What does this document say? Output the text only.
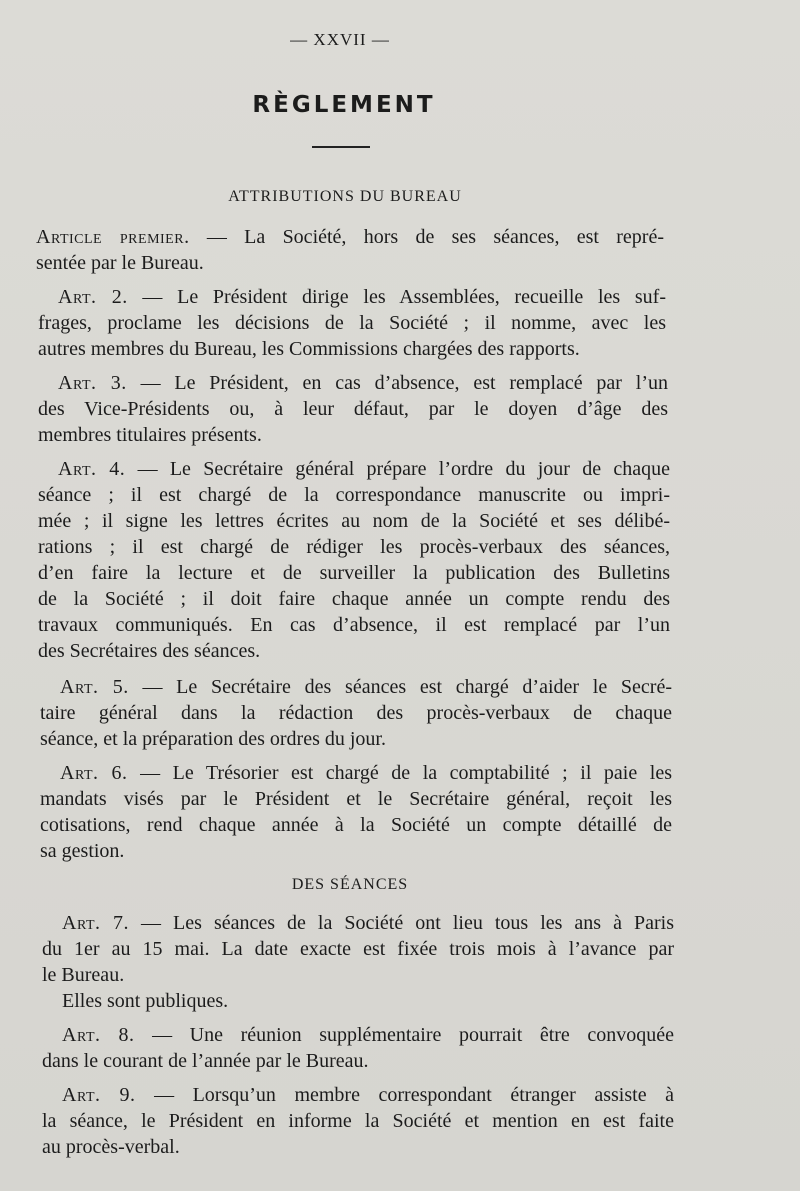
— XXVII —
RÈGLEMENT
ATTRIBUTIONS DU BUREAU
Article premier. — La Société, hors de ses séances, est repré-
sentée par le Bureau.
Art. 2. — Le Président dirige les Assemblées, recueille les suf-
frages, proclame les décisions de la Société ; il nomme, avec les
autres membres du Bureau, les Commissions chargées des rapports.
Art. 3. — Le Président, en cas d’absence, est remplacé par l’un
des Vice-Présidents ou, à leur défaut, par le doyen d’âge des
membres titulaires présents.
Art. 4. — Le Secrétaire général prépare l’ordre du jour de chaque
séance ; il est chargé de la correspondance manuscrite ou impri-
mée ; il signe les lettres écrites au nom de la Société et ses délibé-
rations ; il est chargé de rédiger les procès-verbaux des séances,
d’en faire la lecture et de surveiller la publication des Bulletins
de la Société ; il doit faire chaque année un compte rendu des
travaux communiqués. En cas d’absence, il est remplacé par l’un
des Secrétaires des séances.
Art. 5. — Le Secrétaire des séances est chargé d’aider le Secré-
taire général dans la rédaction des procès-verbaux de chaque
séance, et la préparation des ordres du jour.
Art. 6. — Le Trésorier est chargé de la comptabilité ; il paie les
mandats visés par le Président et le Secrétaire général, reçoit les
cotisations, rend chaque année à la Société un compte détaillé de
sa gestion.
DES SÉANCES
Art. 7. — Les séances de la Société ont lieu tous les ans à Paris
du 1er au 15 mai. La date exacte est fixée trois mois à l’avance par
le Bureau.
Elles sont publiques.
Art. 8. — Une réunion supplémentaire pourrait être convoquée
dans le courant de l’année par le Bureau.
Art. 9. — Lorsqu’un membre correspondant étranger assiste à
la séance, le Président en informe la Société et mention en est faite
au procès-verbal.
